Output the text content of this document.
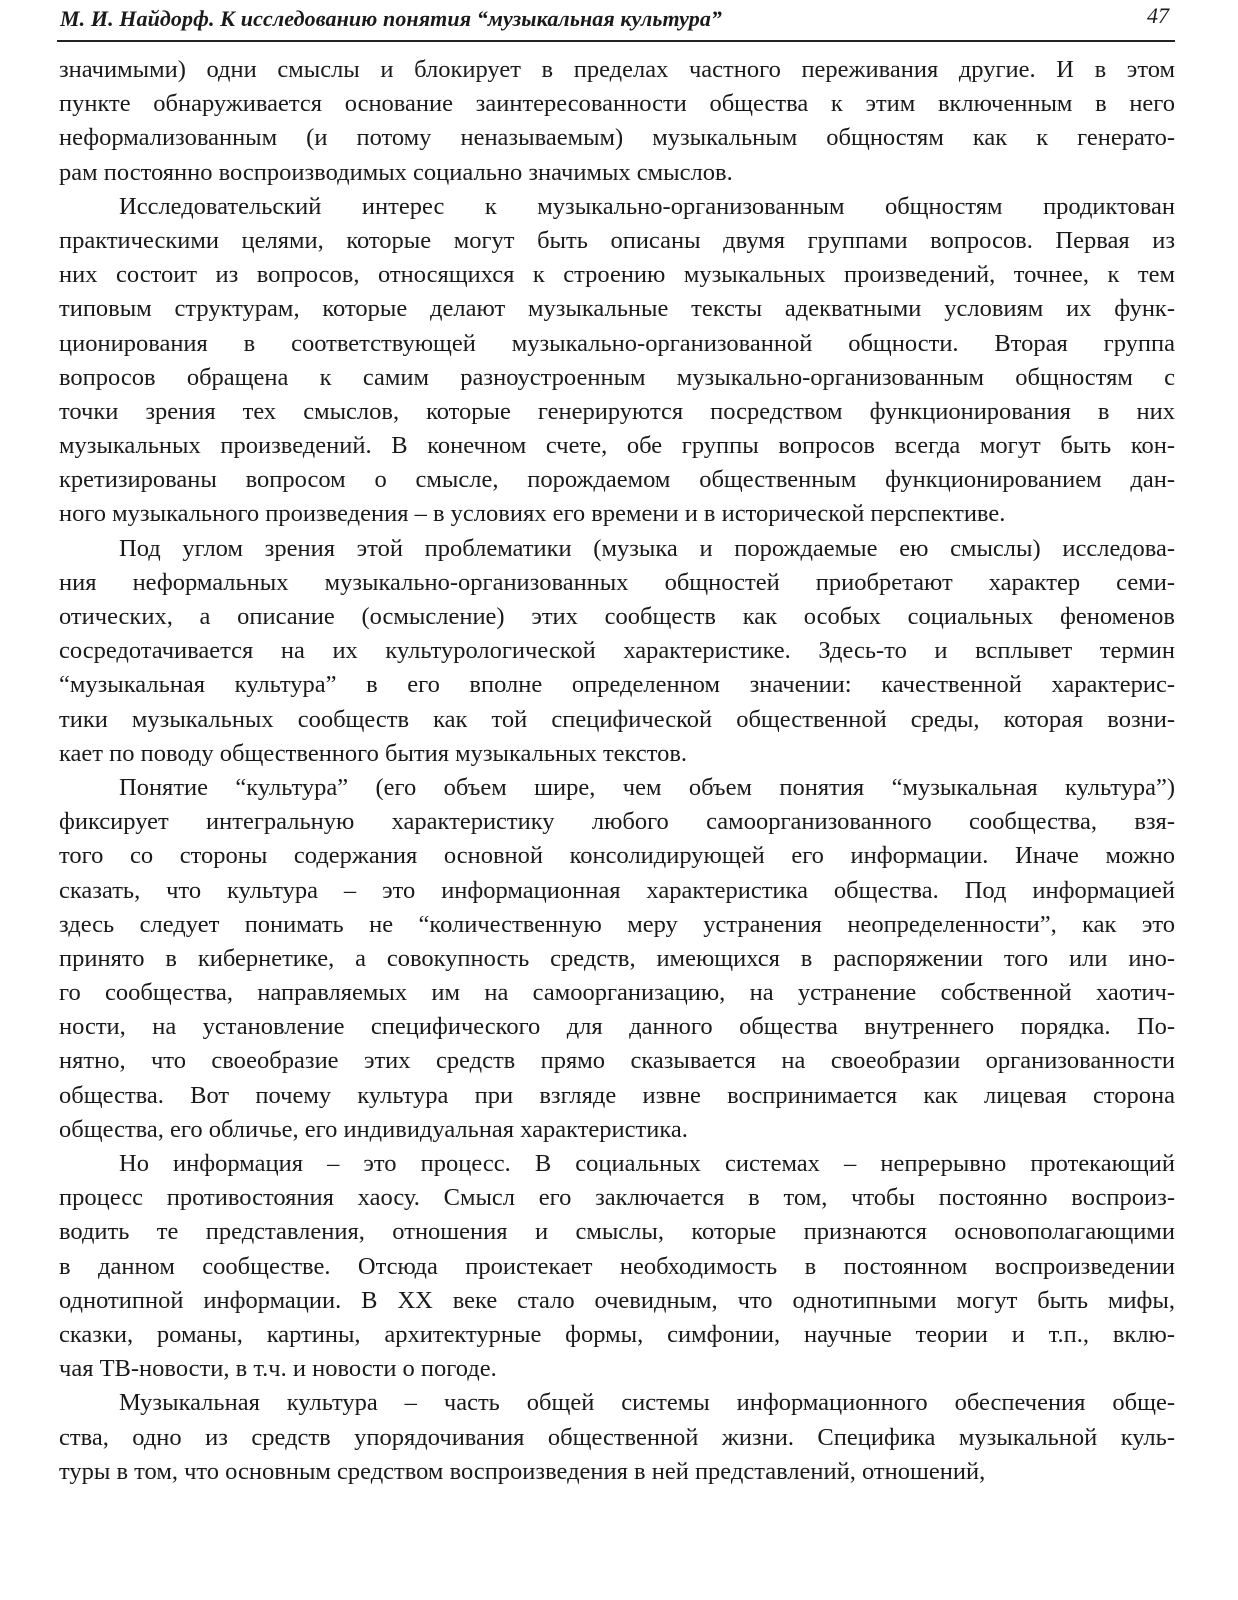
М. И. Найдорф. К исследованию понятия “музыкальная культура”	47
значимыми) одни смыслы и блокирует в пределах частного переживания другие. И в этом
пункте обнаруживается основание заинтересованности общества к этим включенным в него
неформализованным (и потому неназываемым) музыкальным общностям как к генерато-
рам постоянно воспроизводимых социально значимых смыслов.
Исследовательский интерес к музыкально-организованным общностям продиктован
практическими целями, которые могут быть описаны двумя группами вопросов. Первая из
них состоит из вопросов, относящихся к строению музыкальных произведений, точнее, к тем
типовым структурам, которые делают музыкальные тексты адекватными условиям их функ-
ционирования в соответствующей музыкально-организованной общности. Вторая группа
вопросов обращена к самим разноустроенным музыкально-организованным общностям с
точки зрения тех смыслов, которые генерируются посредством функционирования в них
музыкальных произведений. В конечном счете, обе группы вопросов всегда могут быть кон-
кретизированы вопросом о смысле, порождаемом общественным функционированием дан-
ного музыкального произведения – в условиях его времени и в исторической перспективе.
Под углом зрения этой проблематики (музыка и порождаемые ею смыслы) исследова-
ния неформальных музыкально-организованных общностей приобретают характер семи-
отических, а описание (осмысление) этих сообществ как особых социальных феноменов
сосредотачивается на их культурологической характеристике. Здесь-то и всплывет термин
“музыкальная культура” в его вполне определенном значении: качественной характерис-
тики музыкальных сообществ как той специфической общественной среды, которая возни-
кает по поводу общественного бытия музыкальных текстов.
Понятие “культура” (его объем шире, чем объем понятия “музыкальная культура”)
фиксирует интегральную характеристику любого самоорганизованного сообщества, взя-
того со стороны содержания основной консолидирующей его информации. Иначе можно
сказать, что культура – это информационная характеристика общества. Под информацией
здесь следует понимать не “количественную меру устранения неопределенности”, как это
принято в кибернетике, а совокупность средств, имеющихся в распоряжении того или ино-
го сообщества, направляемых им на самоорганизацию, на устранение собственной хаотич-
ности, на установление специфического для данного общества внутреннего порядка. По-
нятно, что своеобразие этих средств прямо сказывается на своеобразии организованности
общества. Вот почему культура при взгляде извне воспринимается как лицевая сторона
общества, его обличье, его индивидуальная характеристика.
Но информация – это процесс. В социальных системах – непрерывно протекающий
процесс противостояния хаосу. Смысл его заключается в том, чтобы постоянно воспроиз-
водить те представления, отношения и смыслы, которые признаются основополагающими
в данном сообществе. Отсюда проистекает необходимость в постоянном воспроизведении
однотипной информации. В XX веке стало очевидным, что однотипными могут быть мифы,
сказки, романы, картины, архитектурные формы, симфонии, научные теории и т.п., вклю-
чая ТВ-новости, в т.ч. и новости о погоде.
Музыкальная культура – часть общей системы информационного обеспечения обще-
ства, одно из средств упорядочивания общественной жизни. Специфика музыкальной куль-
туры в том, что основным средством воспроизведения в ней представлений, отношений,
